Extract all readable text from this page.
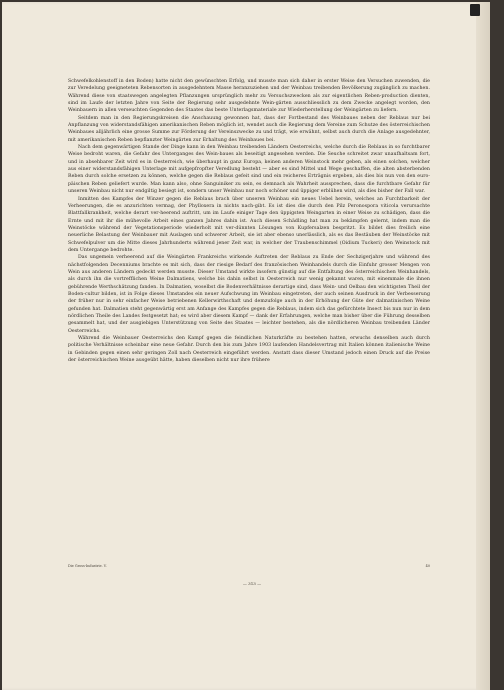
Schwefelkohlenstoff in den Boden) hatte nicht den gewünschten Erfolg, und musste man sich daher in erster Weise den Versuchen zuwenden, die zur Veredelung geeigneteten Rebensorten in ausgedehntem Masse heranzuziehen und der Weinbau treibenden Bevölkerung zugänglich zu machen. Während diese von staatswegen angelegten Pflanzungen ursprünglich mehr zu Versuchszwecken als zur eigentlichen Reben-production dienten, sind im Laufe der letzten Jahre von Seite der Regierung sehr ausgedehnte Wein-gärten ausschliesslich zu dem Zwecke angelegt worden, den Weinbauern in allen verseuchten Gegenden des Staates das beste Unterlagsmateriale zur Wiederherstellung der Weingärten zu liefern.

Seitdem man in den Regierungskreisen die Anschauung gewonnen hat, dass der Fortbestand des Weinbaues neben der Reblaus nur bei Anpflanzung von widerstandsfähigen amerikanischen Reben möglich ist, wendet auch die Regierung dem Vereine zum Schutze des österreichischen Weinbaues alljährlich eine grosse Summe zur Förderung der Vereinszwecke zu und trägt, wie erwähnt, selbst auch durch die Anlage ausgedehnter, mit amerikanischen Reben bepflanzter Weingärten zur Erhaltung des Weinbaues bei.

Nach dem gegenwärtigen Stande der Dinge kann in den Weinbau treibenden Ländern Oesterreichs, welche durch die Reblaus in so furchtbarer Weise bedroht waren, die Gefahr des Unterganges des Wein-baues als beseitigt angesehen werden. Die Seuche schreitet zwar unaufhaltsam fort, und in absehbarer Zeit wird es in Oesterreich, wie überhaupt in ganz Europa, keinen anderen Weinstock mehr geben, als einen solchen, welcher aus einer widerstandsfähigen Unterlage mit aufgepfropfter Veredlung besteht — aber es sind Mittel und Wege geschaffen, die alten absterbenden Reben durch solche ersetzen zu können, welche gegen die Reblaus gefeit sind und ein reicheres Erträgnis ergeben, als dies bis nun von den euro-päischen Reben geliefert wurde. Man kann also, ohne Sanguiniker zu sein, es demnach als Wahrheit aussprechen, dass die furchtbare Gefahr für unseren Weinbau nicht nur endgiltig besiegt ist, sondern unser Weinbau nur noch schöner und üppiger erblühen wird, als dies bisher der Fall war.

Inmitten des Kampfes der Winzer gegen die Reblaus brach über unseren Weinbau ein neues Uebel herein, welches an Furchtbarkeit der Verheerungen, die es anzurichten vermag, der Phylloxera in nichts nach-gibt. Es ist dies die durch den Pilz Peronospora viticola verursachte Blattfallkrankheit, welche derart ver-heerend auftritt, um im Laufe einiger Tage den üppigsten Weingarten in einer Weise zu schädigen, dass die Ernte und mit ihr die mühevolle Arbeit eines ganzen Jahres dahin ist. Auch diesen Schädling hat man zu bekämpfen gelernt, indem man die Weinstöcke während der Vegetationsperiode wiederholt mit ver-dünnten Lösungen von Kupfersalzen bespritzt. Es bildet dies freilich eine neuerliche Belastung der Weinbauer mit Auslagen und schwerer Arbeit, sie ist aber ebenso unerlässlich, als es das Bestäuben der Weinstöcke mit Schwefelpulver um die Mitte dieses Jahrhunderts während jener Zeit war, in welcher der Traubenschimmel (Oidium Tuckeri) den Weinstock mit dem Untergange bedrohte.

Das ungemein verheerend auf die Weingärten Frankreichs wirkende Auftreten der Reblaus zu Ende der Sechzigerjahre und während des nächstfolgenden Decenniums brachte es mit sich, dass der riesige Bedarf des französischen Weinhandels durch die Einfuhr grosser Mengen von Wein aus anderen Ländern gedeckt werden musste. Dieser Umstand wirkte insofern günstig auf die Entfaltung des österreichischen Weinhandels, als durch ihn die vortrefflichen Weine Dalmatiens, welche bis dahin selbst in Oesterreich nur wenig gekannt waren, mit einemmale die ihnen gebührende Werthschätzung fanden. In Dalmatien, woselbst die Bodenverhältnisse derartige sind, dass Wein- und Oelbau den wichtigsten Theil der Boden-cultur bilden, ist in Folge dieses Umstandes ein neuer Aufschwung im Weinbau eingetreten, der auch seinen Ausdruck in der Verbesserung der früher nur in sehr einfacher Weise betriebenen Kellerwirthschaft und demzufolge auch in der Erhöhung der Güte der dalmatinischen Weine gefunden hat. Dalmatien steht gegenwärtig erst am Anfange des Kampfes gegen die Reblaus, indem sich das gefürchtete Insect bis nun nur in dem nördlichen Theile des Landes festgesetzt hat; es wird aber diesem Kampf — dank der Erfahrungen, welche man bisher über die Führung desselben gesammelt hat, und der ausgiebigen Unterstützung von Seite des Staates — leichter bestehen, als die nördlicheren Weinbau treibenden Länder Oesterreichs.

Während die Weinbauer Oesterreichs den Kampf gegen die feindlichen Naturkräfte zu bestehen hatten, erwuchs denselben auch durch politische Verhältnisse scheinbar eine neue Gefahr. Durch den bis zum Jahre 1903 laufenden Handelsvertrag mit Italien können italienische Weine in Gebinden gegen einen sehr geringen Zoll nach Oesterreich eingeführt werden. Anstatt dass dieser Umstand jedoch einen Druck auf die Preise der österreichischen Weine ausgeübt hätte, haben dieselben nicht nur ihre frühere

Die Gross-Industrie. V.	40
— 313 —
